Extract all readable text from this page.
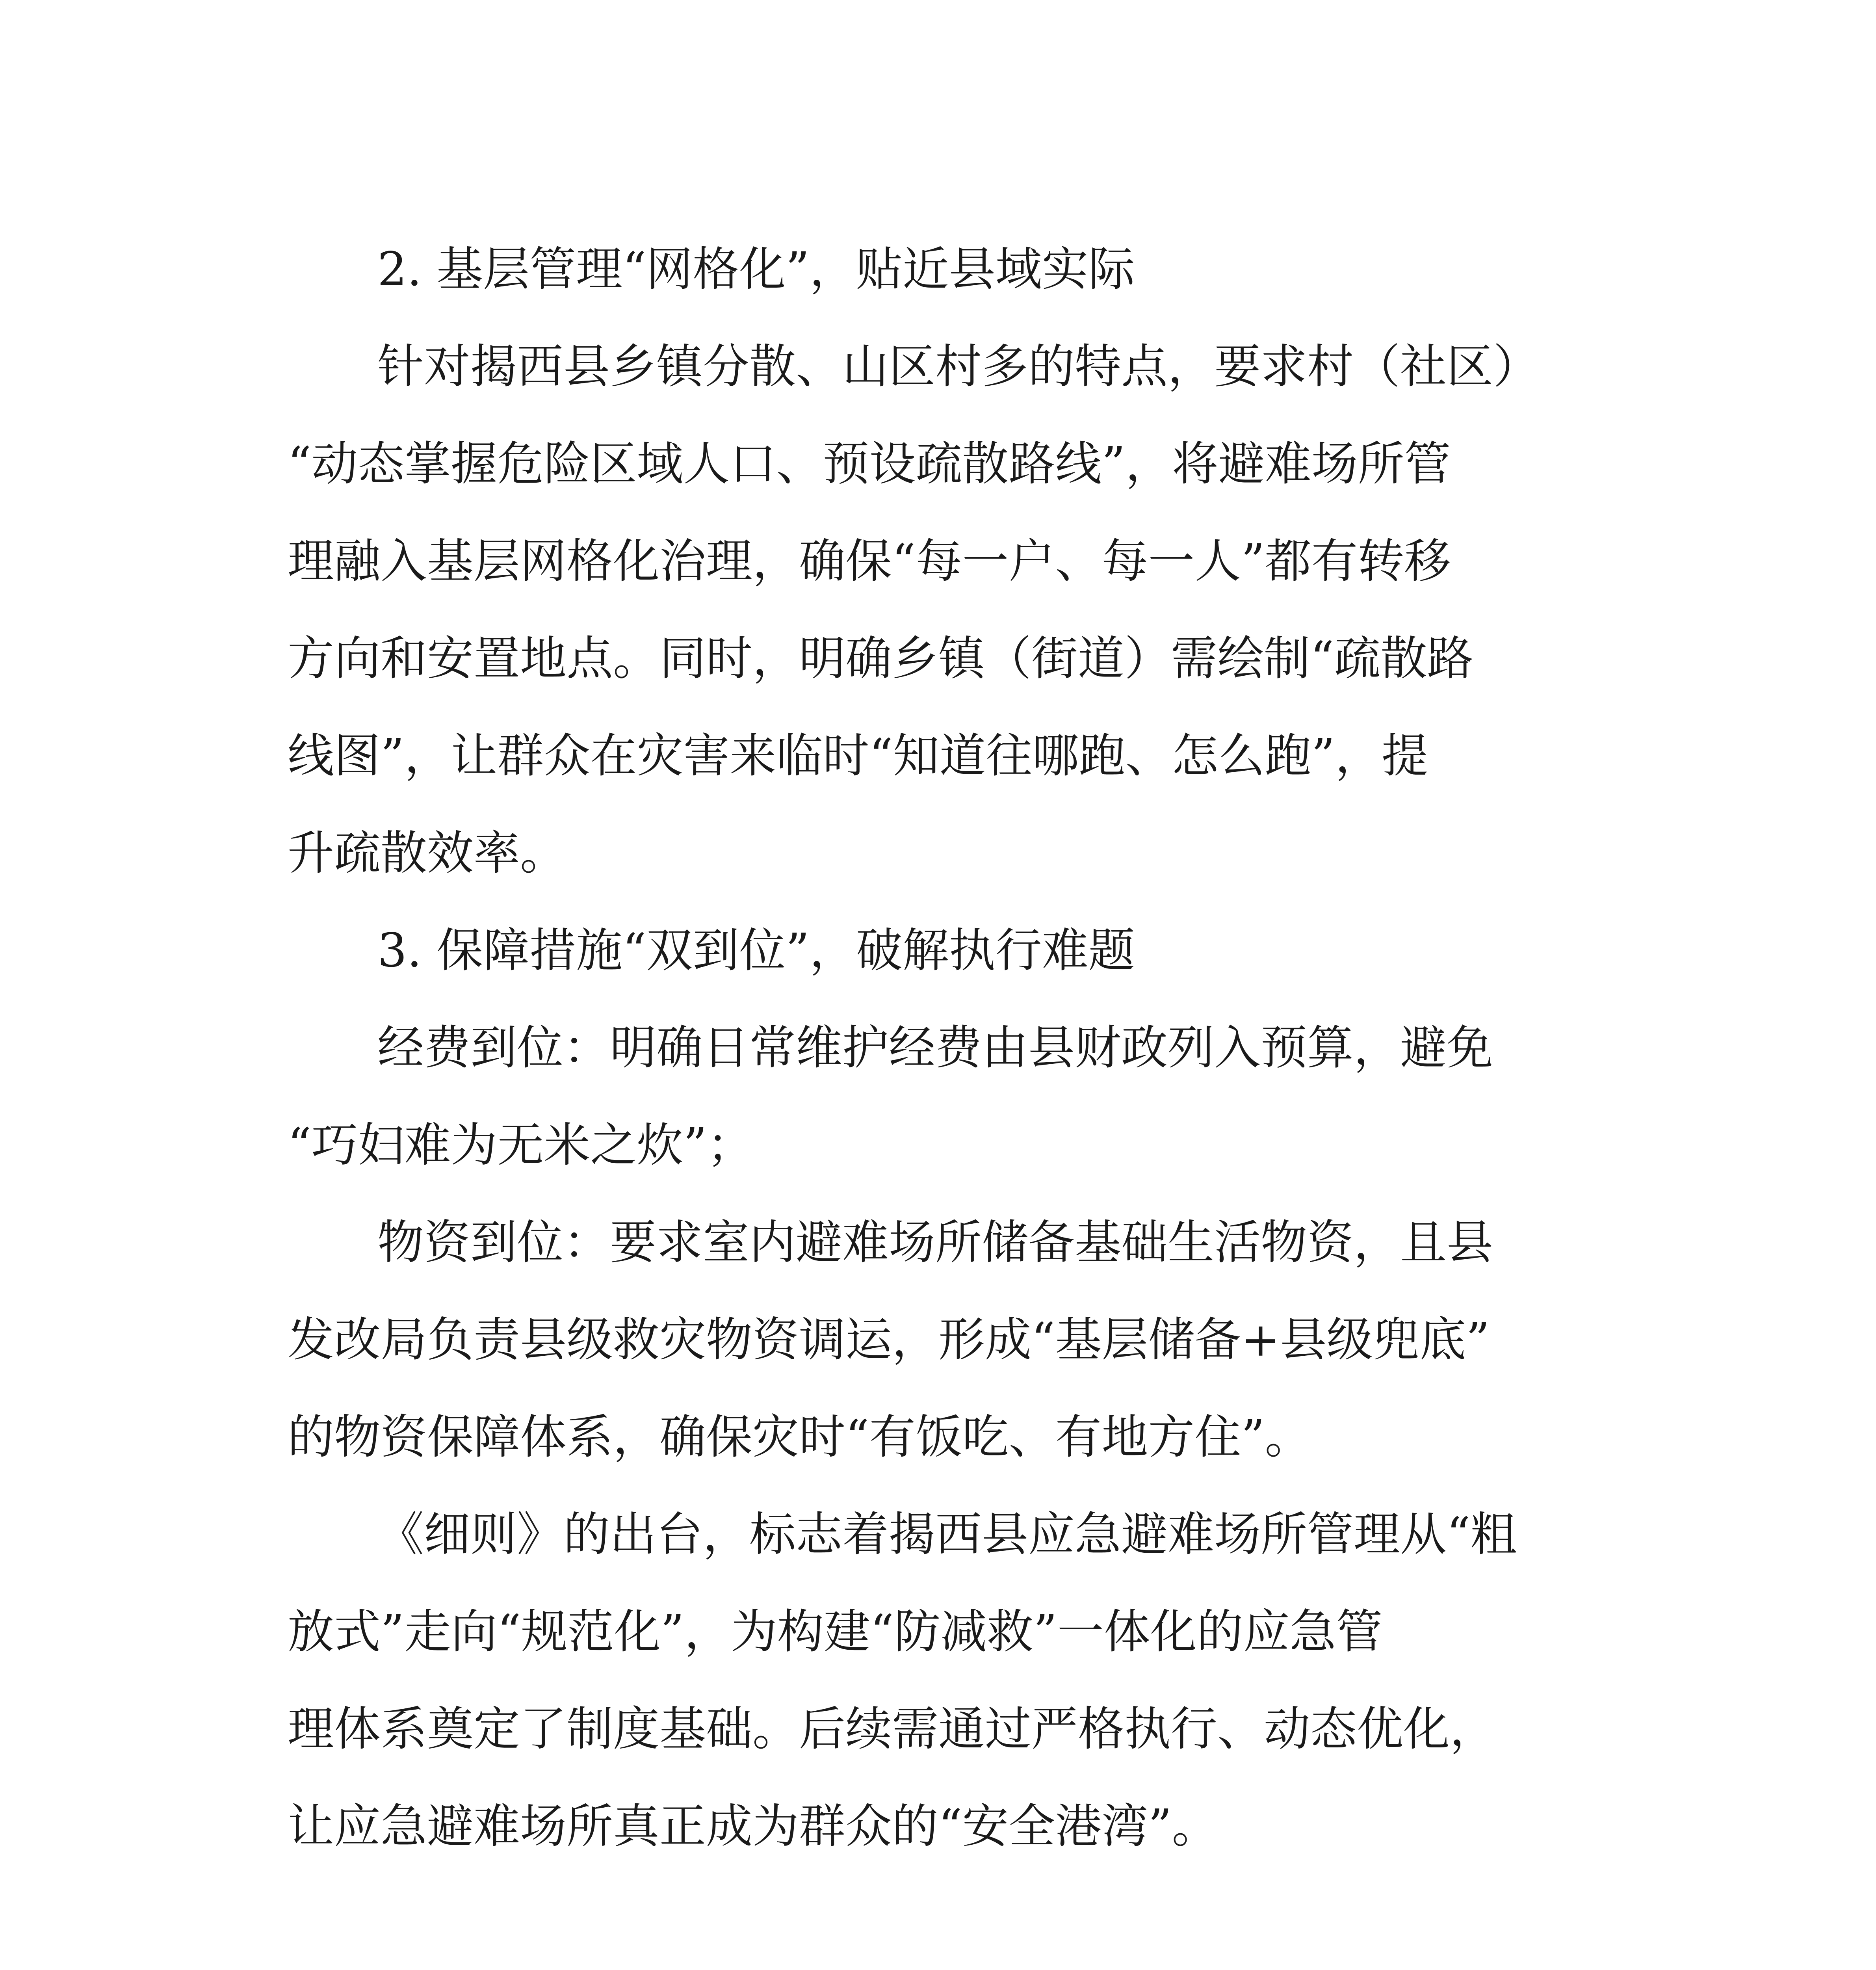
2. 基层管理“网格化”，贴近县域实际
针对揭西县乡镇分散、山区村多的特点，要求村（社区）
“动态掌握危险区域人口、预设疏散路线”，将避难场所管
理融入基层网格化治理，确保“每一户、每一人”都有转移
方向和安置地点。同时，明确乡镇（街道）需绘制“疏散路
线图”，让群众在灾害来临时“知道往哪跑、怎么跑”，提
升疏散效率。
3. 保障措施“双到位”，破解执行难题
经费到位：明确日常维护经费由县财政列入预算，避免
“巧妇难为无米之炊”；
物资到位：要求室内避难场所储备基础生活物资，且县
发改局负责县级救灾物资调运，形成“基层储备+县级兜底”
的物资保障体系，确保灾时“有饭吃、有地方住”。
《细则》的出台，标志着揭西县应急避难场所管理从“粗
放式”走向“规范化”，为构建“防减救”一体化的应急管
理体系奠定了制度基础。后续需通过严格执行、动态优化，
让应急避难场所真正成为群众的“安全港湾”。
